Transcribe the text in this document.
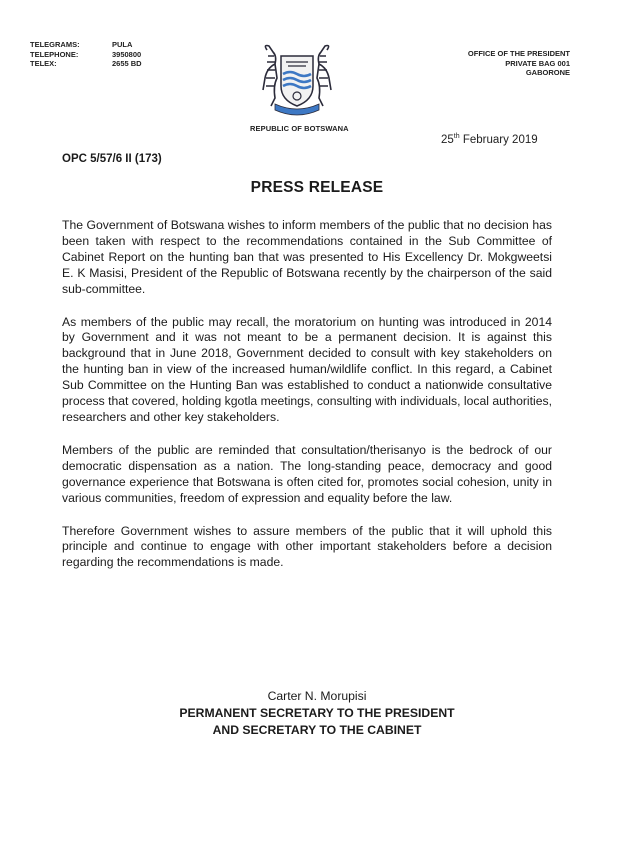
TELEGRAMS:	PULA
TELEPHONE:	3950800
TELEX:	2655 BD
OFFICE OF THE PRESIDENT
PRIVATE BAG 001
GABORONE
REPUBLIC OF BOTSWANA
25th February 2019
OPC 5/57/6 II (173)
PRESS RELEASE

The Government of Botswana wishes to inform members of the public that no decision has been taken with respect to the recommendations contained in the Sub Committee of Cabinet Report on the hunting ban that was presented to His Excellency Dr. Mokgweetsi E. K Masisi, President of the Republic of Botswana recently by the chairperson of the said sub-committee.

As members of the public may recall, the moratorium on hunting was introduced in 2014 by Government and it was not meant to be a permanent decision. It is against this background that in June 2018, Government decided to consult with key stakeholders on the hunting ban in view of the increased human/wildlife conflict. In this regard, a Cabinet Sub Committee on the Hunting Ban was established to conduct a nationwide consultative process that covered, holding kgotla meetings, consulting with individuals, local authorities, researchers and other key stakeholders.

Members of the public are reminded that consultation/therisanyo is the bedrock of our democratic dispensation as a nation. The long-standing peace, democracy and good governance experience that Botswana is often cited for, promotes social cohesion, unity in various communities, freedom of expression and equality before the law.

Therefore Government wishes to assure members of the public that it will uphold this principle and continue to engage with other important stakeholders before a decision regarding the recommendations is made.

Carter N. Morupisi
PERMANENT SECRETARY TO THE PRESIDENT
AND SECRETARY TO THE CABINET
